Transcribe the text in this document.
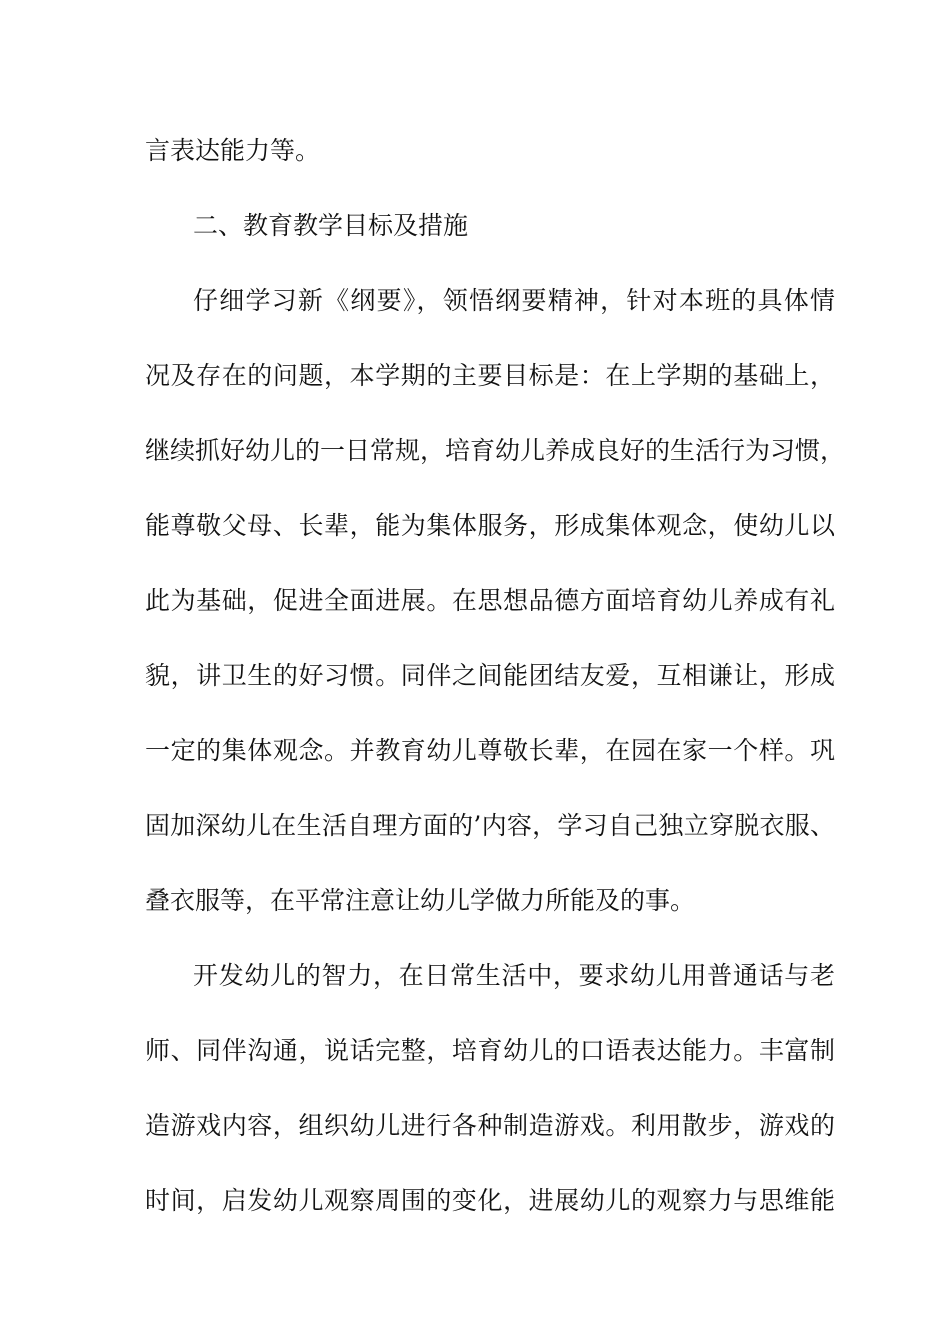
言表达能力等。
二、教育教学目标及措施
仔细学习新《纲要》，领悟纲要精神，针对本班的具体情
况及存在的问题，本学期的主要目标是：在上学期的基础上，
继续抓好幼儿的一日常规，培育幼儿养成良好的生活行为习惯，
能尊敬父母、长辈，能为集体服务，形成集体观念，使幼儿以
此为基础，促进全面进展。在思想品德方面培育幼儿养成有礼
貌，讲卫生的好习惯。同伴之间能团结友爱，互相谦让，形成
一定的集体观念。并教育幼儿尊敬长辈，在园在家一个样。巩
固加深幼儿在生活自理方面的’内容，学习自己独立穿脱衣服、
叠衣服等，在平常注意让幼儿学做力所能及的事。
开发幼儿的智力，在日常生活中，要求幼儿用普通话与老
师、同伴沟通，说话完整，培育幼儿的口语表达能力。丰富制
造游戏内容，组织幼儿进行各种制造游戏。利用散步，游戏的
时间，启发幼儿观察周围的变化，进展幼儿的观察力与思维能
